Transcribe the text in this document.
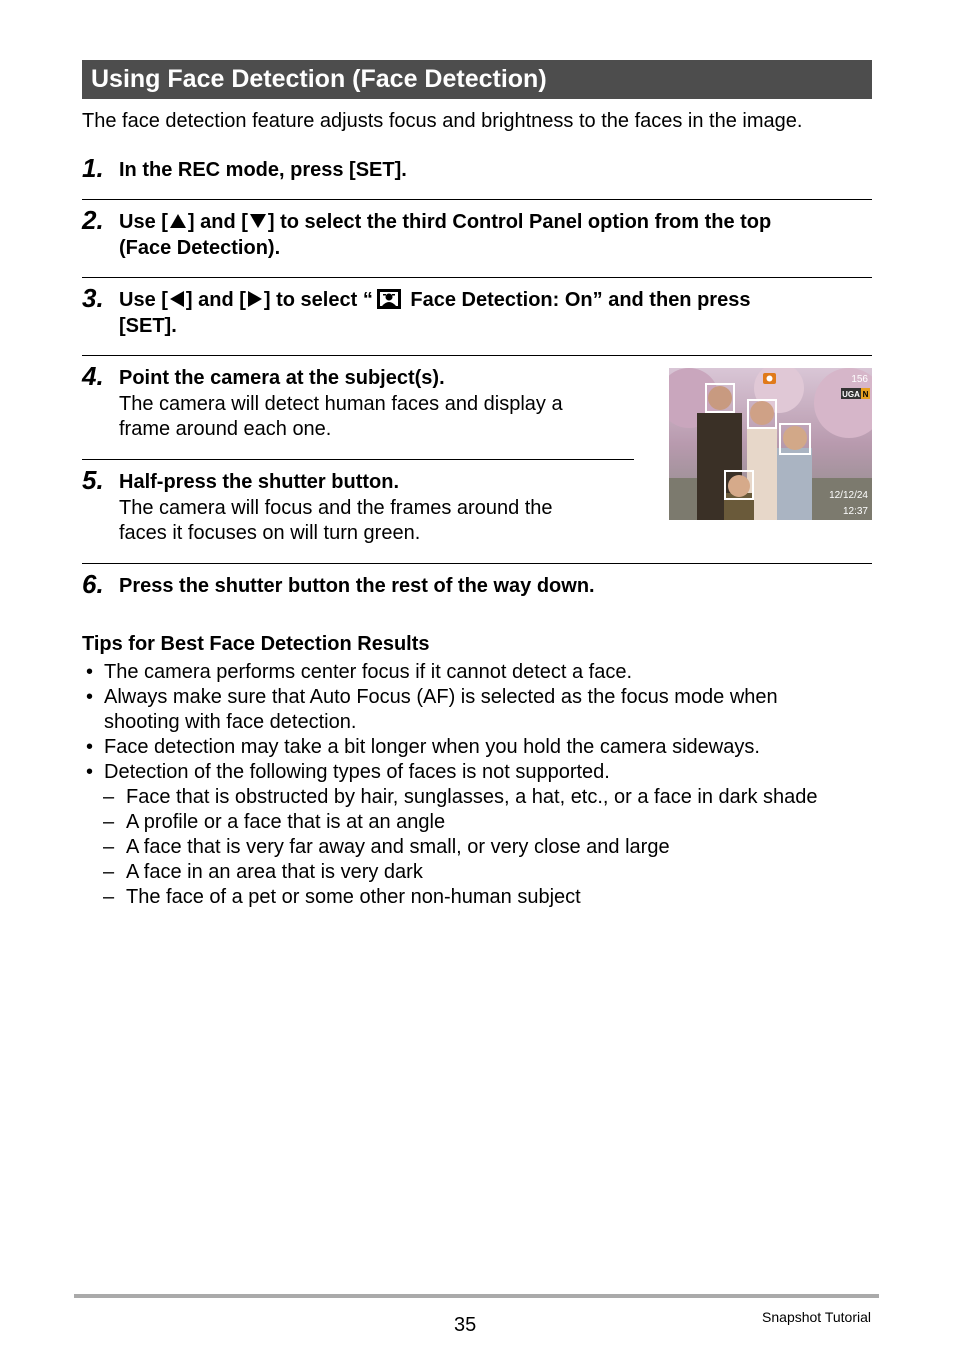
Using Face Detection (Face Detection)
The face detection feature adjusts focus and brightness to the faces in the image.
1. In the REC mode, press [SET].
2. Use [ ] and [ ] to select the third Control Panel option from the top
(Face Detection).
3. Use [ ] and [ ] to select “ Face Detection: On” and then press
[SET].
4. Point the camera at the subject(s).
The camera will detect human faces and display a
frame around each one.
5. Half-press the shutter button.
The camera will focus and the frames around the
faces it focuses on will turn green.
156
UGA N
12/12/24
12:37
6. Press the shutter button the rest of the way down.
Tips for Best Face Detection Results
• The camera performs center focus if it cannot detect a face.
• Always make sure that Auto Focus (AF) is selected as the focus mode when
shooting with face detection.
• Face detection may take a bit longer when you hold the camera sideways.
• Detection of the following types of faces is not supported.
– Face that is obstructed by hair, sunglasses, a hat, etc., or a face in dark shade
– A profile or a face that is at an angle
– A face that is very far away and small, or very close and large
– A face in an area that is very dark
– The face of a pet or some other non-human subject
35	Snapshot Tutorial
